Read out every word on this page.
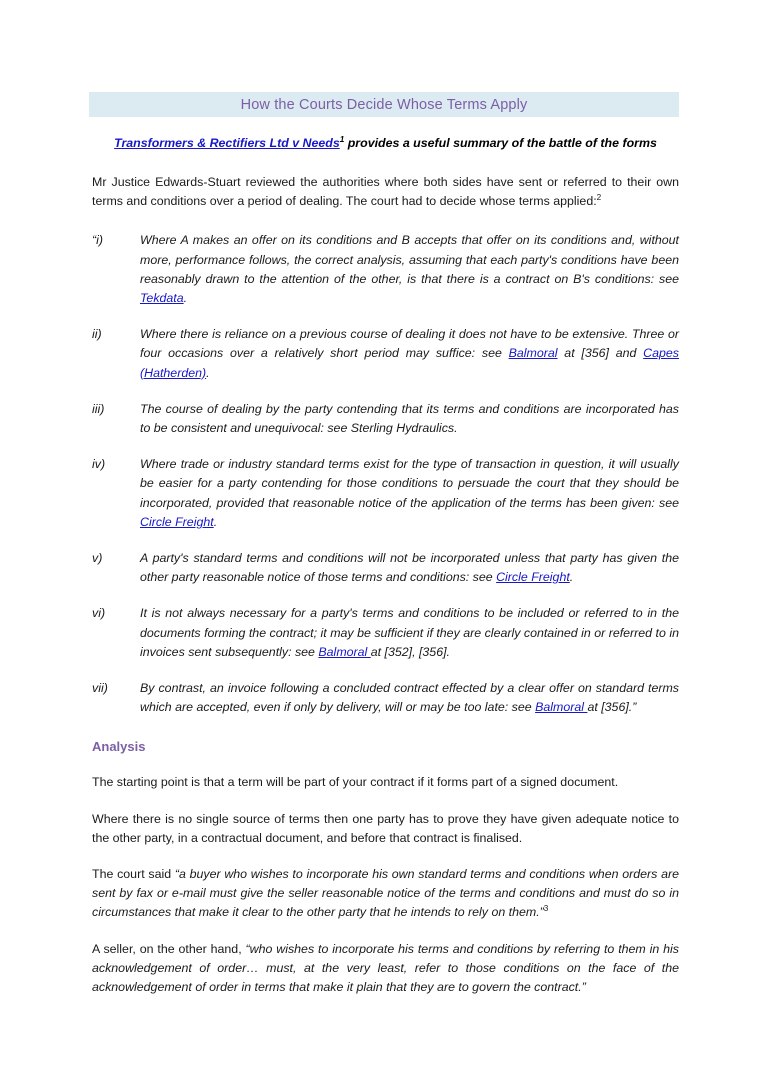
How the Courts Decide Whose Terms Apply

Transformers & Rectifiers Ltd v Needs$^1$ provides a useful summary of the battle of the forms

Mr Justice Edwards-Stuart reviewed the authorities where both sides have sent or referred to their own terms and conditions over a period of dealing. The court had to decide whose terms applied:$^2$

“i)	Where A makes an offer on its conditions and B accepts that offer on its conditions and, without more, performance follows, the correct analysis, assuming that each party's conditions have been reasonably drawn to the attention of the other, is that there is a contract on B's conditions: see Tekdata.
ii)	Where there is reliance on a previous course of dealing it does not have to be extensive. Three or four occasions over a relatively short period may suffice: see Balmoral at [356] and Capes (Hatherden).
iii)	The course of dealing by the party contending that its terms and conditions are incorporated has to be consistent and unequivocal: see Sterling Hydraulics.
iv)	Where trade or industry standard terms exist for the type of transaction in question, it will usually be easier for a party contending for those conditions to persuade the court that they should be incorporated, provided that reasonable notice of the application of the terms has been given: see Circle Freight.
v)	A party's standard terms and conditions will not be incorporated unless that party has given the other party reasonable notice of those terms and conditions: see Circle Freight.
vi)	It is not always necessary for a party's terms and conditions to be included or referred to in the documents forming the contract; it may be sufficient if they are clearly contained in or referred to in invoices sent subsequently: see Balmoral at [352], [356].
vii)	By contrast, an invoice following a concluded contract effected by a clear offer on standard terms which are accepted, even if only by delivery, will or may be too late: see Balmoral at [356].”
Analysis

The starting point is that a term will be part of your contract if it forms part of a signed document.

Where there is no single source of terms then one party has to prove they have given adequate notice to the other party, in a contractual document, and before that contract is finalised.

The court said “a buyer who wishes to incorporate his own standard terms and conditions when orders are sent by fax or e-mail must give the seller reasonable notice of the terms and conditions and must do so in circumstances that make it clear to the other party that he intends to rely on them.”$^3$

A seller, on the other hand, “who wishes to incorporate his terms and conditions by referring to them in his acknowledgement of order… must, at the very least, refer to those conditions on the face of the acknowledgement of order in terms that make it plain that they are to govern the contract.”
